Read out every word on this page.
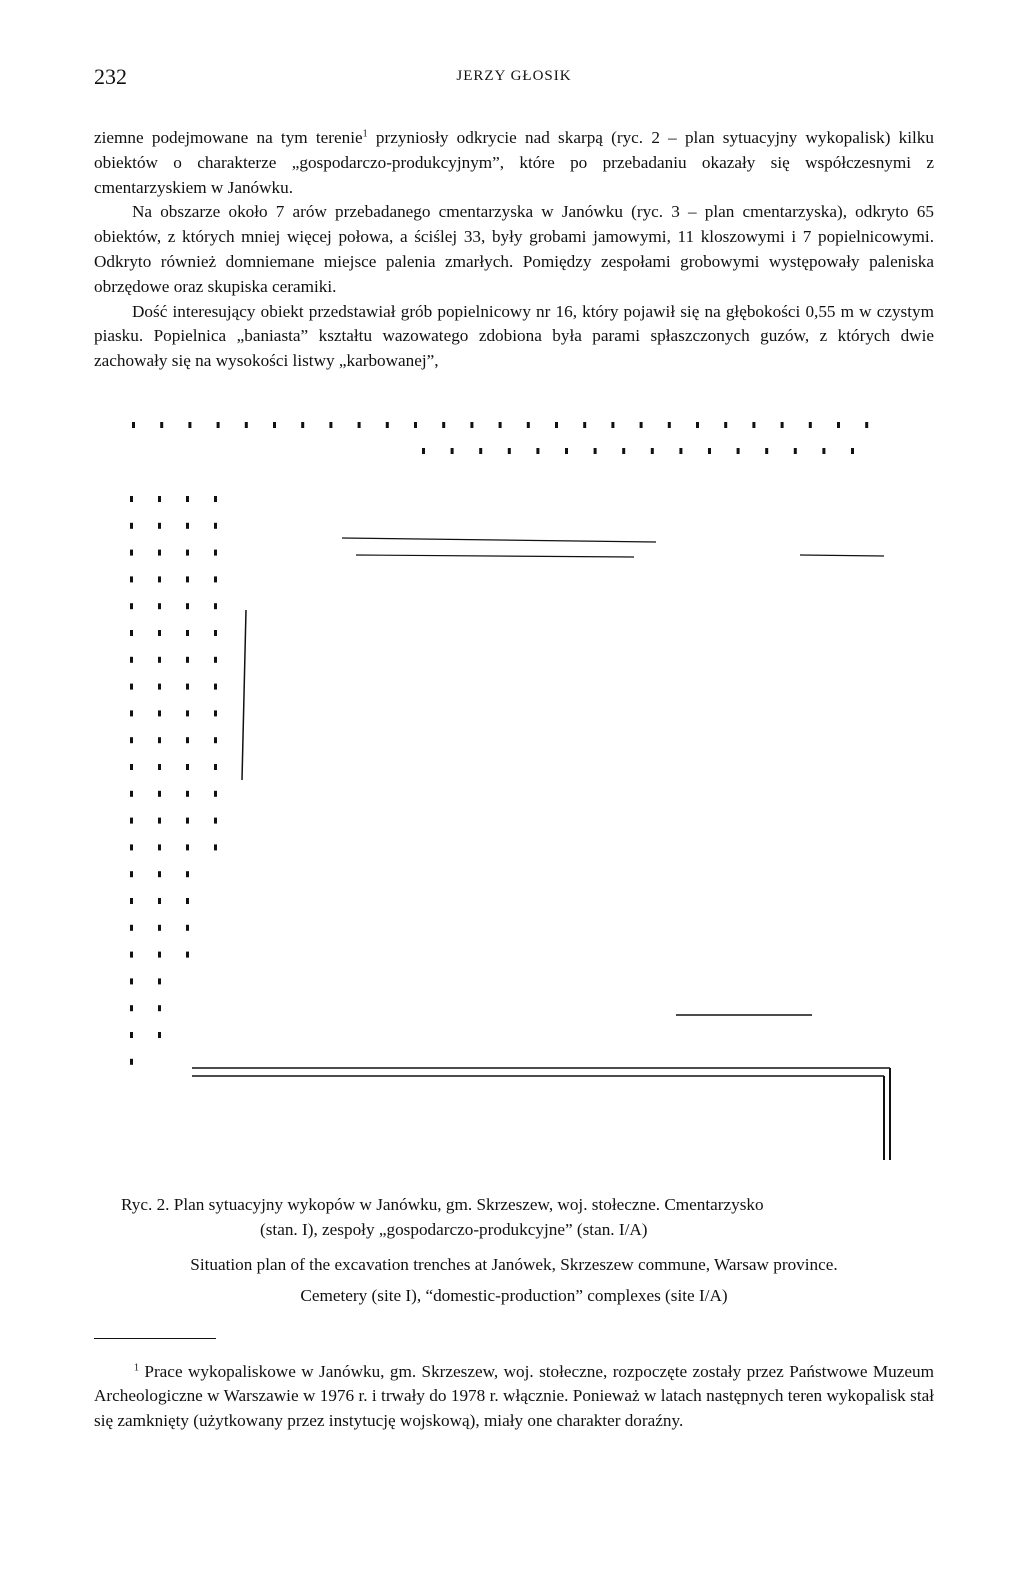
232	JERZY GŁOSIK

ziemne podejmowane na tym terenie$^1$ przyniosły odkrycie nad skarpą (ryc. 2 – plan sytuacyjny wykopalisk) kilku obiektów o charakterze „gospodarczo-produkcyjnym”, które po przebadaniu okazały się współczesnymi z cmentarzyskiem w Janówku.

Na obszarze około 7 arów przebadanego cmentarzyska w Janówku (ryc. 3 – plan cmentarzyska), odkryto 65 obiektów, z których mniej więcej połowa, a ściślej 33, były grobami jamowymi, 11 kloszowymi i 7 popielnicowymi. Odkryto również domniemane miejsce palenia zmarłych. Pomiędzy zespołami grobowymi występowały paleniska obrzędowe oraz skupiska ceramiki.

Dość interesujący obiekt przedstawiał grób popielnicowy nr 16, który pojawił się na głębokości 0,55 m w czystym piasku. Popielnica „baniasta” kształtu wazowatego zdobiona była parami spłaszczonych guzów, z których dwie zachowały się na wysokości listwy „karbowanej”,

Ryc. 2. Plan sytuacyjny wykopów w Janówku, gm. Skrzeszew, woj. stołeczne. Cmentarzysko

(stan. I), zespoły „gospodarczo-produkcyjne” (stan. I/A)

Situation plan of the excavation trenches at Janówek, Skrzeszew commune, Warsaw province.

Cemetery (site I), “domestic-production” complexes (site I/A)

$^1$ Prace wykopaliskowe w Janówku, gm. Skrzeszew, woj. stołeczne, rozpoczęte zostały przez Państwowe Muzeum Archeologiczne w Warszawie w 1976 r. i trwały do 1978 r. włącznie. Ponieważ w latach następnych teren wykopalisk stał się zamknięty (użytkowany przez instytucję wojskową), miały one charakter doraźny.
